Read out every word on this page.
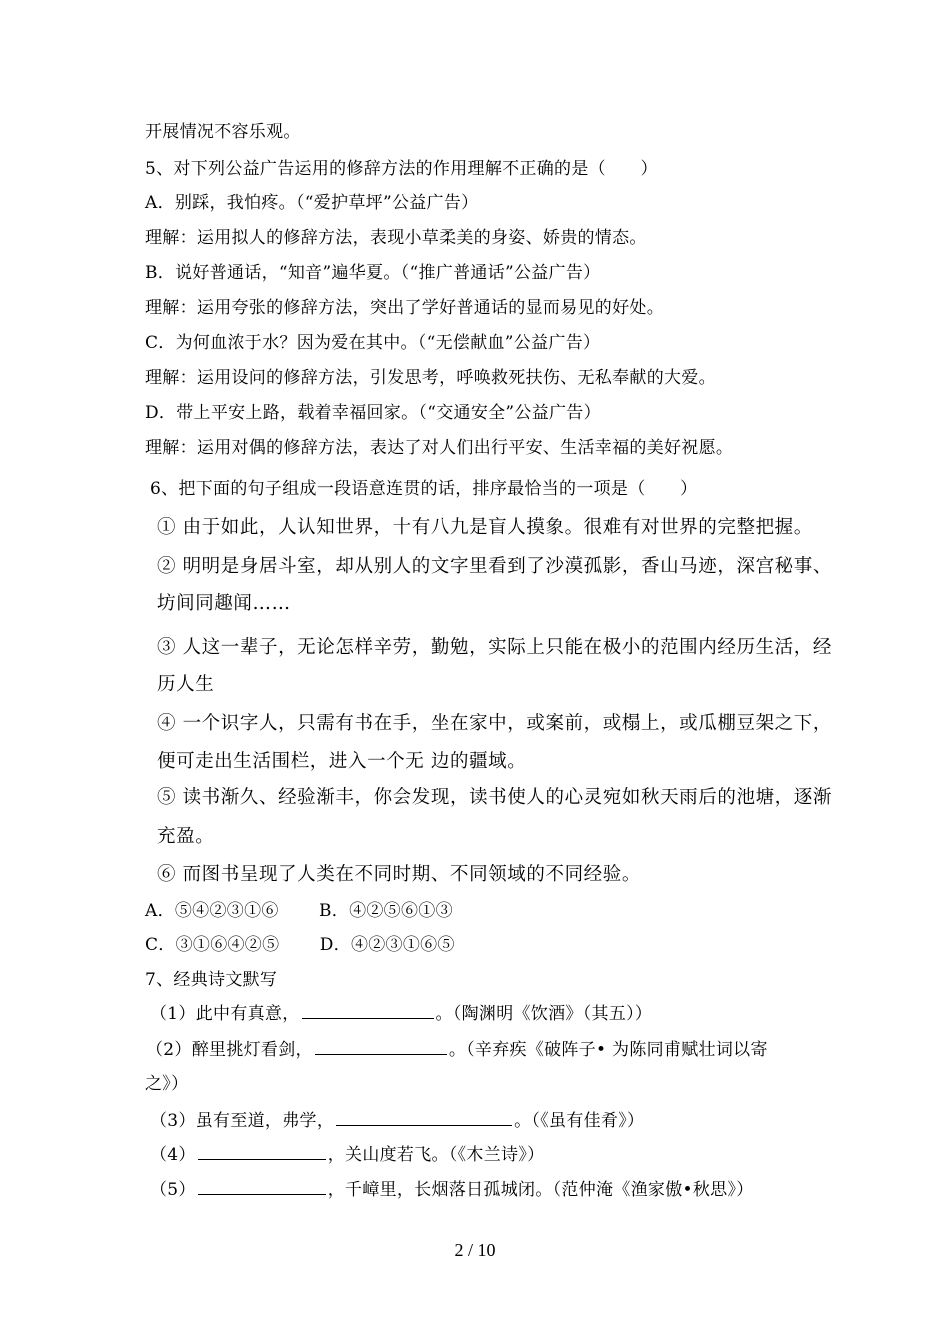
开展情况不容乐观。
5、对下列公益广告运用的修辞方法的作用理解不正确的是（　　）
A．别踩，我怕疼。（“爱护草坪”公益广告）
理解：运用拟人的修辞方法，表现小草柔美的身姿、娇贵的情态。
B．说好普通话，“知音”遍华夏。（“推广普通话”公益广告）
理解：运用夸张的修辞方法，突出了学好普通话的显而易见的好处。
C．为何血浓于水？因为爱在其中。（“无偿献血”公益广告）
理解：运用设问的修辞方法，引发思考，呼唤救死扶伤、无私奉献的大爱。
D．带上平安上路，载着幸福回家。（“交通安全”公益广告）
理解：运用对偶的修辞方法，表达了对人们出行平安、生活幸福的美好祝愿。
6、把下面的句子组成一段语意连贯的话，排序最恰当的一项是（　　）
① 由于如此，人认知世界，十有八九是盲人摸象。很难有对世界的完整把握。
② 明明是身居斗室，却从别人的文字里看到了沙漠孤影，香山马迹，深宫秘事、
坊间同趣闻……
③ 人这一辈子，无论怎样辛劳，勤勉，实际上只能在极小的范围内经历生活，经
历人生
④ 一个识字人，只需有书在手，坐在家中，或案前，或榻上，或瓜棚豆架之下，
便可走出生活围栏，进入一个无 边的疆域。
⑤ 读书渐久、经验渐丰，你会发现，读书使人的心灵宛如秋天雨后的池塘，逐渐
充盈。
⑥ 而图书呈现了人类在不同时期、不同领域的不同经验。
A．⑤④②③①⑥　　 B．④②⑤⑥①③
C．③①⑥④②⑤　　 D．④②③①⑥⑤
7、经典诗文默写
（1）此中有真意，	。（陶渊明《饮酒》（其五））
（2）醉里挑灯看剑，	。（辛弃疾《破阵子• 为陈同甫赋壮词以寄
之》）
（3）虽有至道，弗学，	。（《虽有佳肴》）
（4）	，关山度若飞。（《木兰诗》）
（5）	，千嶂里，长烟落日孤城闭。（范仲淹《渔家傲•秋思》）
2 / 10
